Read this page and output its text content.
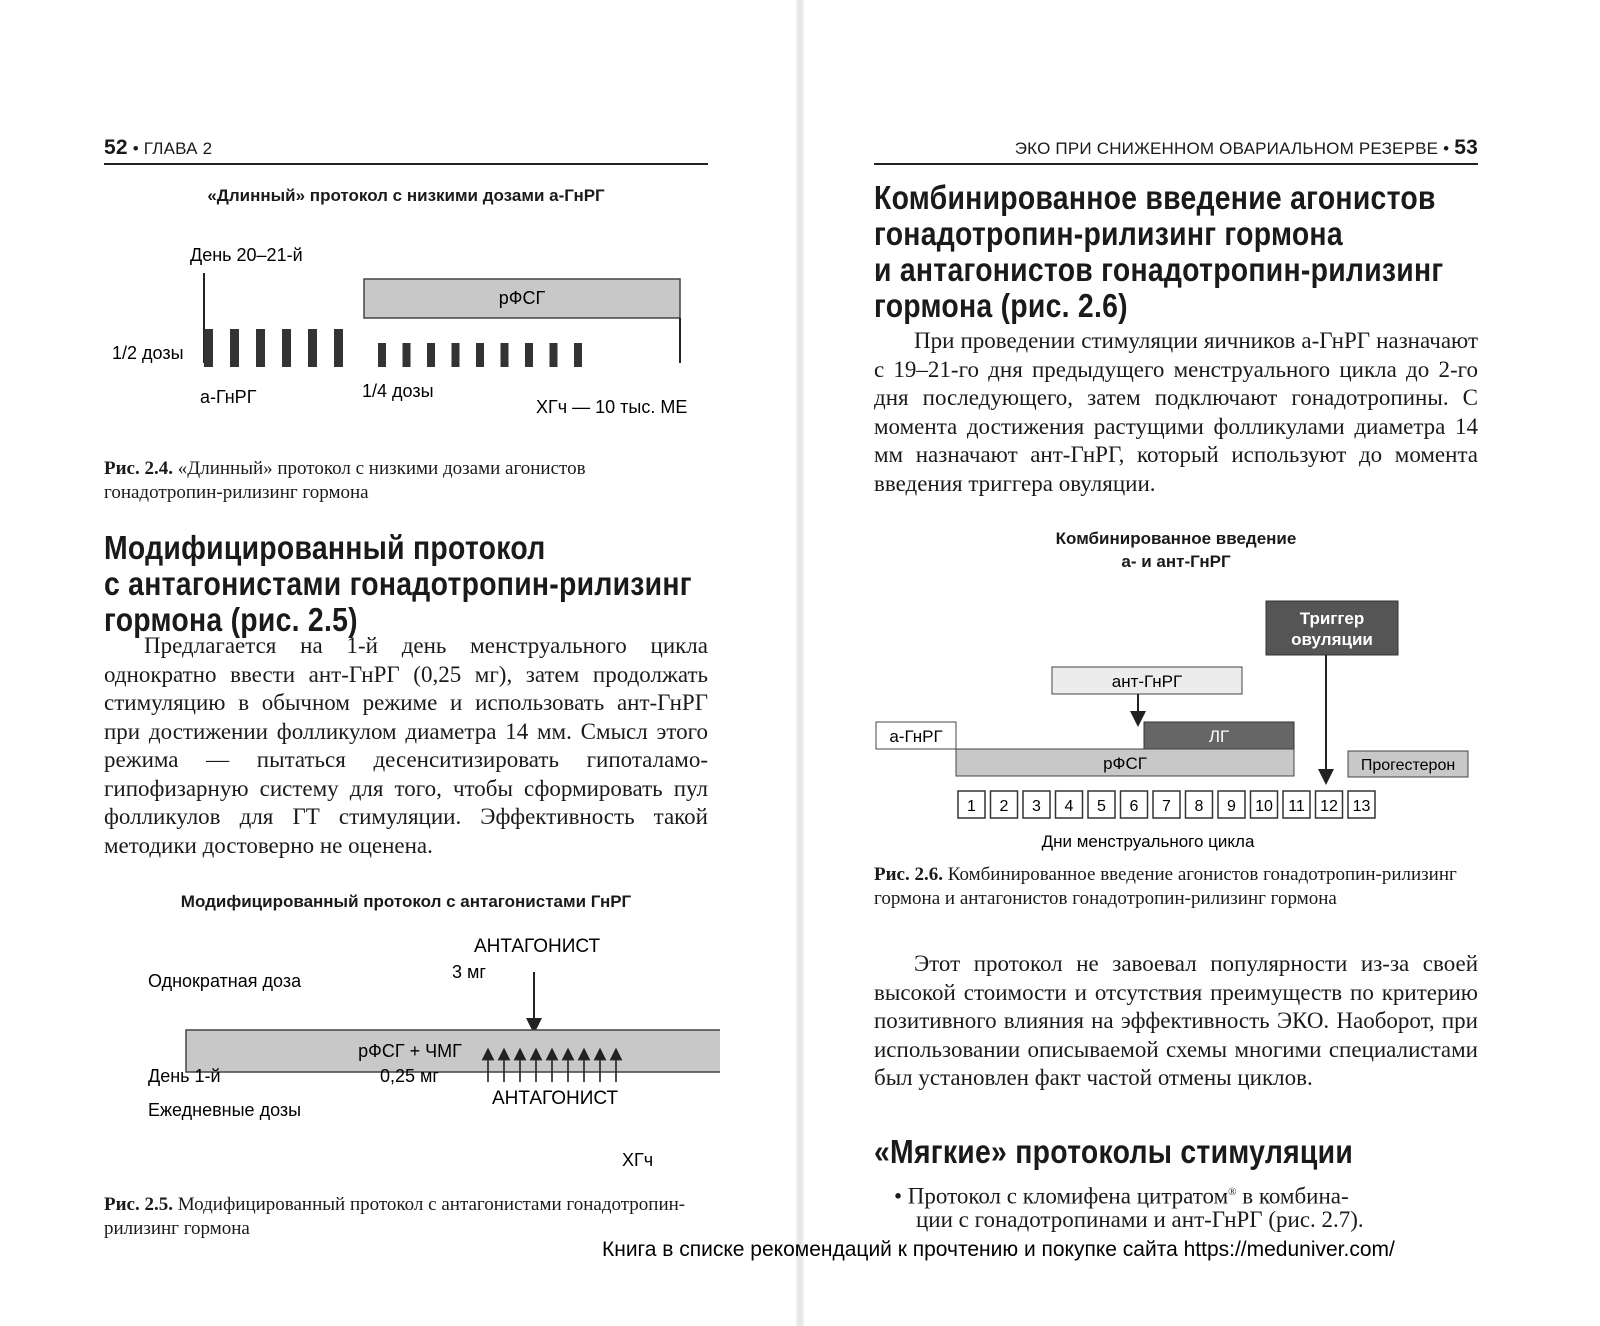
52 • ГЛАВА 2
«Длинный» протокол с низкими дозами а-ГнРГ
День 20–21-й
рФСГ
1/2 дозы
а-ГнРГ	1/4 дозы
ХГч — 10 тыс. МЕ
Рис. 2.4. «Длинный» протокол с низкими дозами агонистов гонадотропин-рилизинг гормона
Модифицированный протокол
с антагонистами гонадотропин-рилизинг
гормона (рис. 2.5)
Предлагается на 1-й день менструального цикла однократно ввести ант-ГнРГ (0,25 мг), затем продолжать стимуляцию в обычном режиме и использовать ант-ГнРГ при достижении фолликулом диаметра 14 мм. Смысл этого режима — пытаться десенситизировать гипоталамо-гипофизарную систему для того, чтобы сформировать пул фолликулов для ГТ стимуляции. Эффективность такой методики достоверно не оценена.
Модифицированный протокол с антагонистами ГнРГ
АНТАГОНИСТ
Однократная доза	3 мг
рФСГ + ЧМГ
День 1-й	0,25 мг
АНТАГОНИСТ
Ежедневные дозы
ХГч
Рис. 2.5. Модифицированный протокол с антагонистами гонадотропин-рилизинг гормона
ЭКО ПРИ СНИЖЕННОМ ОВАРИАЛЬНОМ РЕЗЕРВЕ • 53
Комбинированное введение агонистов
гонадотропин-рилизинг гормона
и антагонистов гонадотропин-рилизинг
гормона (рис. 2.6)
При проведении стимуляции яичников а-ГнРГ назначают с 19–21-го дня предыдущего менструального цикла до 2-го дня последующего, затем подключают гонадотропины. С момента достижения растущими фолликулами диаметра 14 мм назначают ант-ГнРГ, который используют до момента введения триггера овуляции.
Комбинированное введение
а- и ант-ГнРГ
Триггер
овуляции
ант-ГнРГ
а-ГнРГ	ЛГ
рФСГ	Прогестерон
1 2 3 4 5 6 7 8 9 10 11 12 13
Дни менструального цикла
Рис. 2.6. Комбинированное введение агонистов гонадотропин-рилизинг гормона и антагонистов гонадотропин-рилизинг гормона
Этот протокол не завоевал популярности из-за своей высокой стоимости и отсутствия преимуществ по критерию позитивного влияния на эффективность ЭКО. Наоборот, при использовании описываемой схемы многими специалистами был установлен факт частой отмены циклов.
«Мягкие» протоколы стимуляции
• Протокол с кломифена цитратом® в комбина-
ции с гонадотропинами и ант-ГнРГ (рис. 2.7).
Книга в списке рекомендаций к прочтению и покупке сайта https://meduniver.com/
